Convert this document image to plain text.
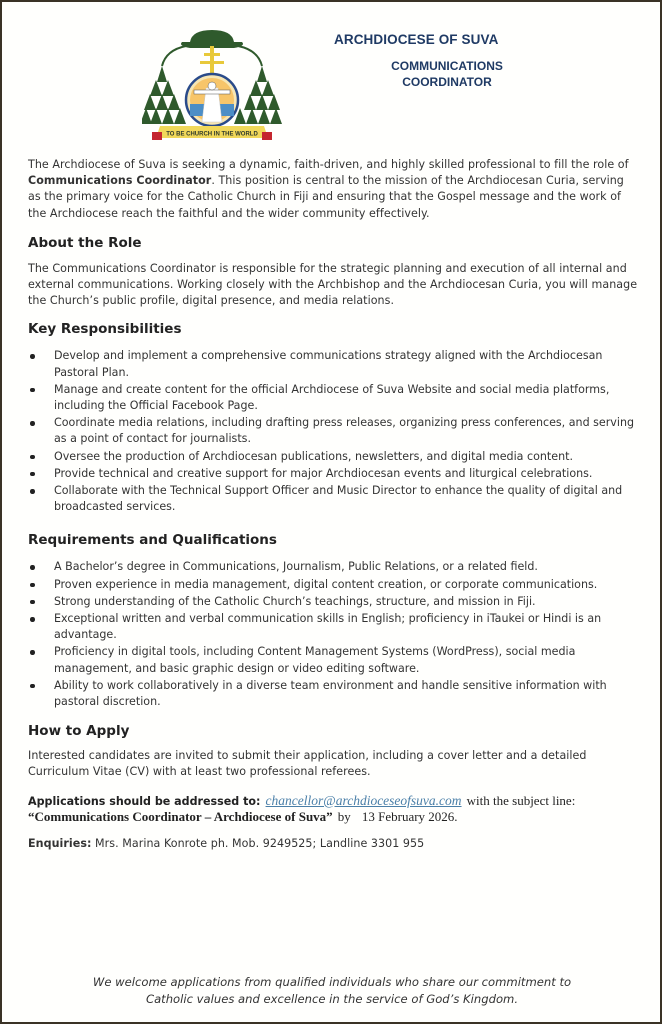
TO BE CHURCH IN THE WORLD
ARCHDIOCESE OF SUVA
COMMUNICATIONS
COORDINATOR

The Archdiocese of Suva is seeking a dynamic, faith-driven, and highly skilled professional to fill the role of Communications Coordinator. This position is central to the mission of the Archdiocesan Curia, serving as the primary voice for the Catholic Church in Fiji and ensuring that the Gospel message and the work of the Archdiocese reach the faithful and the wider community effectively.

About the Role

The Communications Coordinator is responsible for the strategic planning and execution of all internal and external communications. Working closely with the Archbishop and the Archdiocesan Curia, you will manage the Church’s public profile, digital presence, and media relations.

Key Responsibilities
Develop and implement a comprehensive communications strategy aligned with the Archdiocesan Pastoral Plan.
Manage and create content for the official Archdiocese of Suva Website and social media platforms, including the Official Facebook Page.
Coordinate media relations, including drafting press releases, organizing press conferences, and serving as a point of contact for journalists.
Oversee the production of Archdiocesan publications, newsletters, and digital media content.
Provide technical and creative support for major Archdiocesan events and liturgical celebrations.
Collaborate with the Technical Support Officer and Music Director to enhance the quality of digital and broadcasted services.
Requirements and Qualifications
A Bachelor’s degree in Communications, Journalism, Public Relations, or a related field.
Proven experience in media management, digital content creation, or corporate communications.
Strong understanding of the Catholic Church’s teachings, structure, and mission in Fiji.
Exceptional written and verbal communication skills in English; proficiency in iTaukei or Hindi is an advantage.
Proficiency in digital tools, including Content Management Systems (WordPress), social media management, and basic graphic design or video editing software.
Ability to work collaboratively in a diverse team environment and handle sensitive information with pastoral discretion.
How to Apply

Interested candidates are invited to submit their application, including a cover letter and a detailed Curriculum Vitae (CV) with at least two professional referees.

Applications should be addressed to: chancellor@archdioceseofsuva.com with the subject line:
“Communications Coordinator – Archdiocese of Suva” by 13 February 2026.

Enquiries: Mrs. Marina Konrote ph. Mob. 9249525; Landline 3301 955

We welcome applications from qualified individuals who share our commitment to
Catholic values and excellence in the service of God’s Kingdom.
